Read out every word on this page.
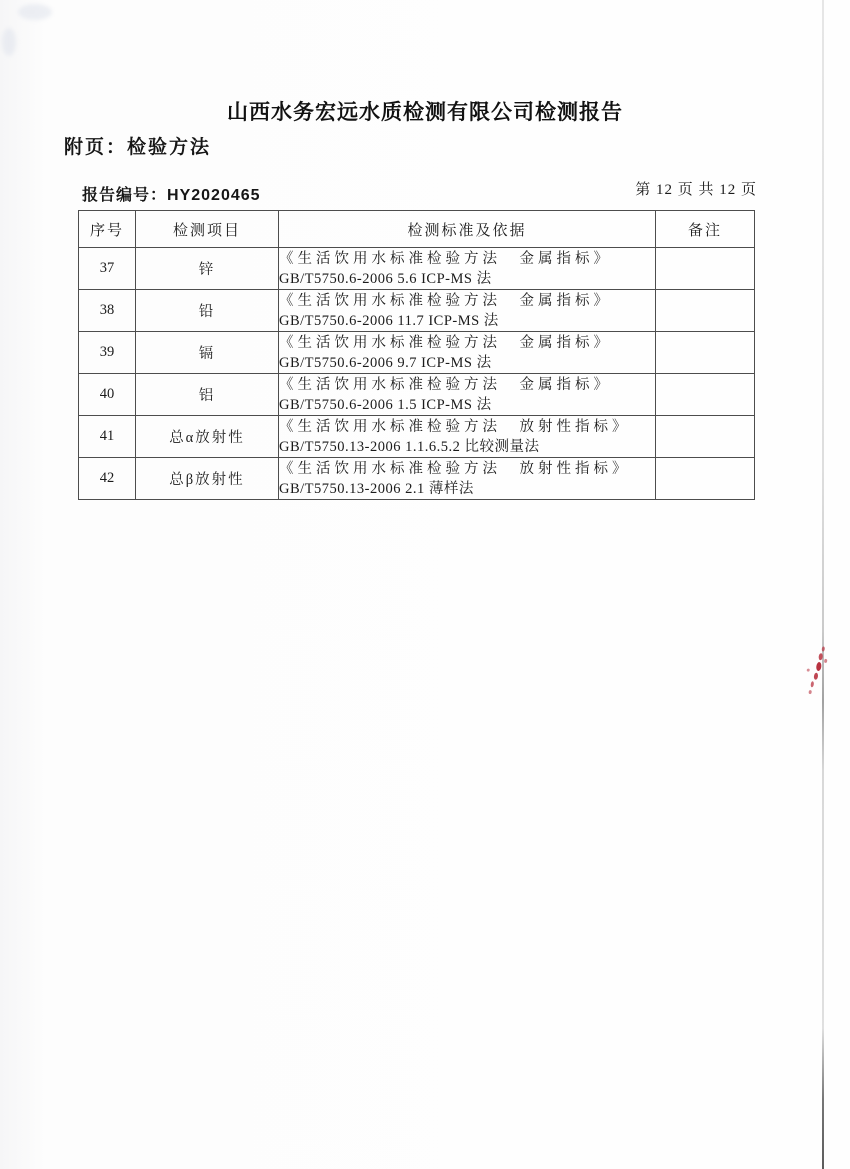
山西水务宏远水质检测有限公司检测报告
附页：检验方法
报告编号：HY2020465	第 12 页 共 12 页
序号	检测项目	检测标准及依据	备注
37	锌	《生活饮用水标准检验方法　金属指标》
GB/T5750.6-2006 5.6 ICP-MS 法	

38	铅	《生活饮用水标准检验方法　金属指标》
GB/T5750.6-2006 11.7 ICP-MS 法	

39	镉	《生活饮用水标准检验方法　金属指标》
GB/T5750.6-2006 9.7 ICP-MS 法	

40	铝	《生活饮用水标准检验方法　金属指标》
GB/T5750.6-2006 1.5 ICP-MS 法	

41	总α放射性	《生活饮用水标准检验方法　放射性指标》
GB/T5750.13-2006 1.1.6.5.2 比较测量法	

42	总β放射性	《生活饮用水标准检验方法　放射性指标》
GB/T5750.13-2006 2.1 薄样法	
